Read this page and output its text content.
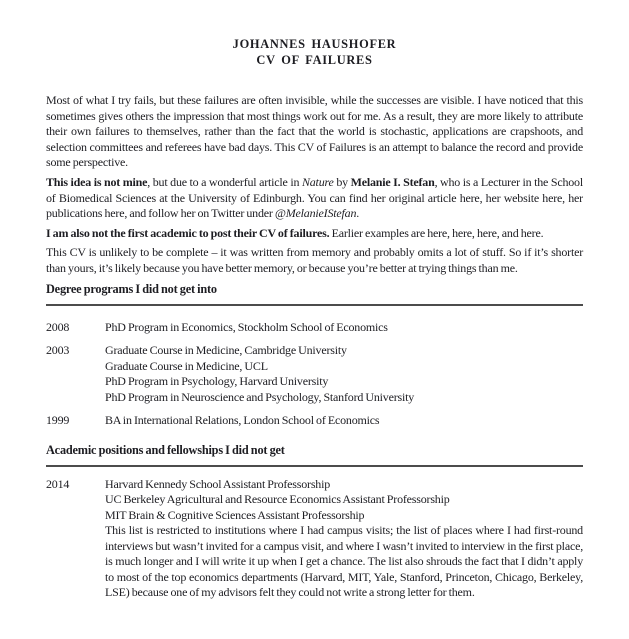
JOHANNES HAUSHOFER
CV OF FAILURES

Most of what I try fails, but these failures are often invisible, while the successes are visible. I have noticed that this sometimes gives others the impression that most things work out for me. As a result, they are more likely to attribute their own failures to themselves, rather than the fact that the world is stochastic, applications are crapshoots, and selection committees and referees have bad days. This CV of Failures is an attempt to balance the record and provide some perspective.

This idea is not mine, but due to a wonderful article in Nature by Melanie I. Stefan, who is a Lecturer in the School of Biomedical Sciences at the University of Edinburgh. You can find her original article here, her website here, her publications here, and follow her on Twitter under @MelanieIStefan.

I am also not the first academic to post their CV of failures. Earlier examples are here, here, here, and here.

This CV is unlikely to be complete – it was written from memory and probably omits a lot of stuff. So if it’s shorter than yours, it’s likely because you have better memory, or because you’re better at trying things than me.

Degree programs I did not get into
2008	PhD Program in Economics, Stockholm School of Economics
2003	Graduate Course in Medicine, Cambridge University
Graduate Course in Medicine, UCL
PhD Program in Psychology, Harvard University
PhD Program in Neuroscience and Psychology, Stanford University
1999	BA in International Relations, London School of Economics
Academic positions and fellowships I did not get
2014	Harvard Kennedy School Assistant Professorship
UC Berkeley Agricultural and Resource Economics Assistant Professorship
MIT Brain & Cognitive Sciences Assistant Professorship
This list is restricted to institutions where I had campus visits; the list of places where I had first-round interviews but wasn’t invited for a campus visit, and where I wasn’t invited to interview in the first place, is much longer and I will write it up when I get a chance. The list also shrouds the fact that I didn’t apply to most of the top economics departments (Harvard, MIT, Yale, Stanford, Princeton, Chicago, Berkeley, LSE) because one of my advisors felt they could not write a strong letter for them.
